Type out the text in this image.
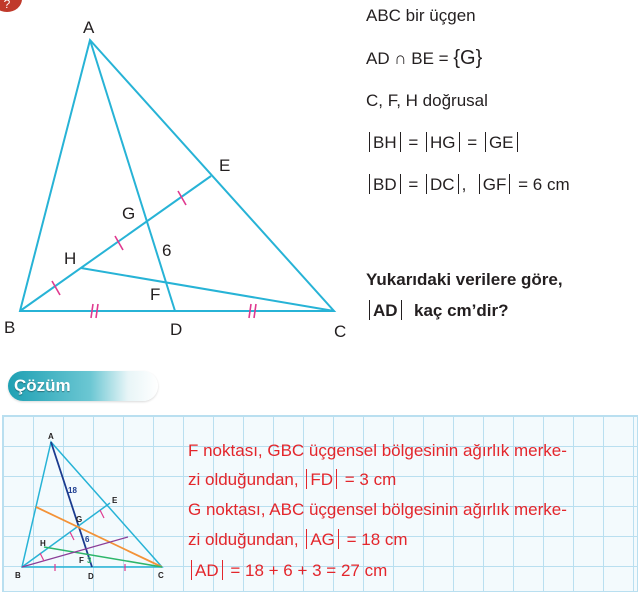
?
A
B	C
D
E
F
G
H	6
ABC bir üçgen
AD ∩ BE = {G}
C, F, H doğrusal
BH = HG = GE
BD = DC , GF = 6 cm
Yukarıdaki verilere göre,
AD kaç cm’dir?
Çözüm
A
B	C
D
E
F
G
H
18
6
3
F noktası, GBC üçgensel bölgesinin ağırlık merke-
zi olduğundan, FD = 3 cm
G noktası, ABC üçgensel bölgesinin ağırlık merke-
zi olduğundan, AG = 18 cm
AD = 18 + 6 + 3 = 27 cm
